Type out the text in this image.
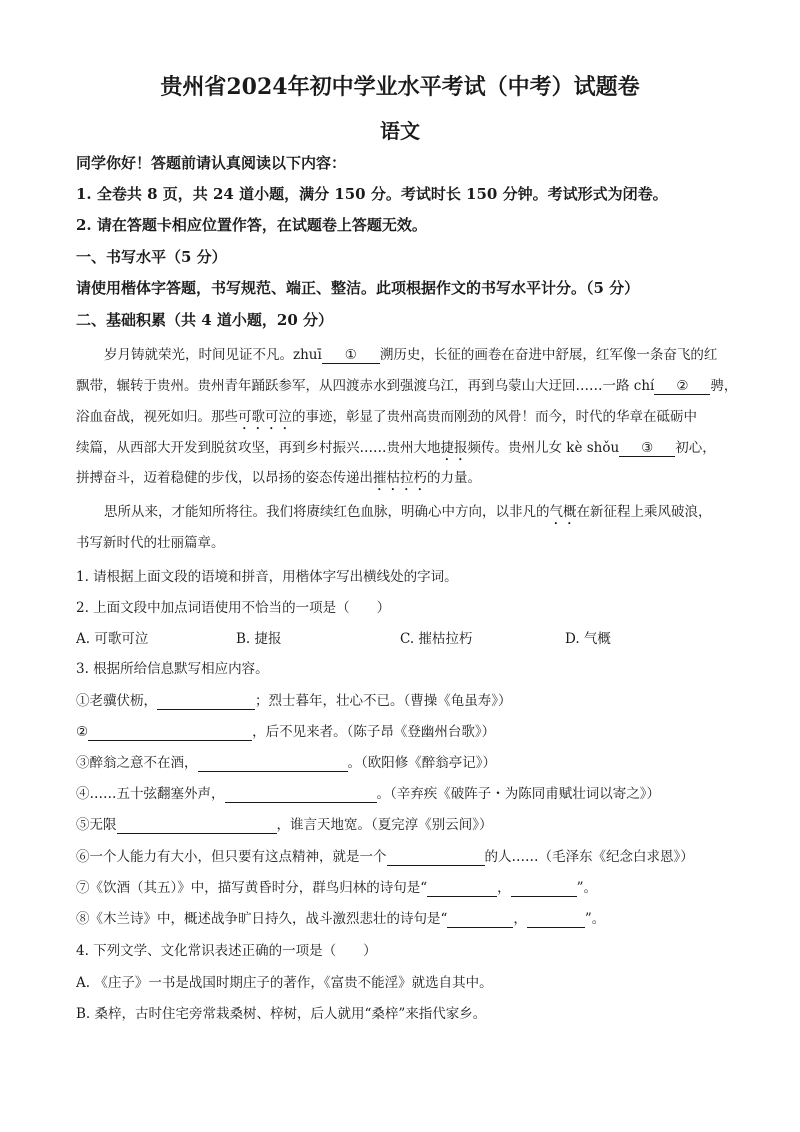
贵州省2024年初中学业水平考试（中考）试题卷
语文
同学你好！答题前请认真阅读以下内容：
1. 全卷共 8 页，共 24 道小题，满分 150 分。考试时长 150 分钟。考试形式为闭卷。
2. 请在答题卡相应位置作答，在试题卷上答题无效。
一、书写水平（5 分）
请使用楷体字答题，书写规范、端正、整洁。此项根据作文的书写水平计分。（5 分）
二、基础积累（共 4 道小题，20 分）
岁月铸就荣光，时间见证不凡。zhuī ① 溯历史，长征的画卷在奋进中舒展，红军像一条奋飞的红
飘带，辗转于贵州。贵州青年踊跃参军，从四渡赤水到强渡乌江，再到乌蒙山大迂回……一路 chí ② 骋，
浴血奋战，视死如归。那些可歌可泣的事迹，彰显了贵州高贵而刚劲的风骨！而今，时代的华章在砥砺中
续篇，从西部大开发到脱贫攻坚，再到乡村振兴……贵州大地捷报频传。贵州儿女 kè shǒu ③ 初心，
拼搏奋斗，迈着稳健的步伐，以昂扬的姿态传递出摧枯拉朽的力量。
思所从来，才能知所将往。我们将赓续红色血脉，明确心中方向，以非凡的气概在新征程上乘风破浪，
书写新时代的壮丽篇章。
1. 请根据上面文段的语境和拼音，用楷体字写出横线处的字词。
2. 上面文段中加点词语使用不恰当的一项是（　　）
A. 可歌可泣	B. 捷报	C. 摧枯拉朽	D. 气概
3. 根据所给信息默写相应内容。
①老骥伏枥，	；烈士暮年，壮心不已。（曹操《龟虽寿》）
②	，后不见来者。（陈子昂《登幽州台歌》）
③醉翁之意不在酒，	。（欧阳修《醉翁亭记》）
④……五十弦翻塞外声，	。（辛弃疾《破阵子・为陈同甫赋壮词以寄之》）
⑤无限	，谁言天地宽。（夏完淳《别云间》）
⑥一个人能力有大小，但只要有这点精神，就是一个	的人……（毛泽东《纪念白求恩》）
⑦《饮酒（其五）》中，描写黄昏时分，群鸟归林的诗句是“	，	”。
⑧《木兰诗》中，概述战争旷日持久，战斗激烈悲壮的诗句是“	，	”。
4. 下列文学、文化常识表述正确的一项是（　　）
A. 《庄子》一书是战国时期庄子的著作，《富贵不能淫》就选自其中。
B. 桑梓，古时住宅旁常栽桑树、梓树，后人就用“桑梓”来指代家乡。
